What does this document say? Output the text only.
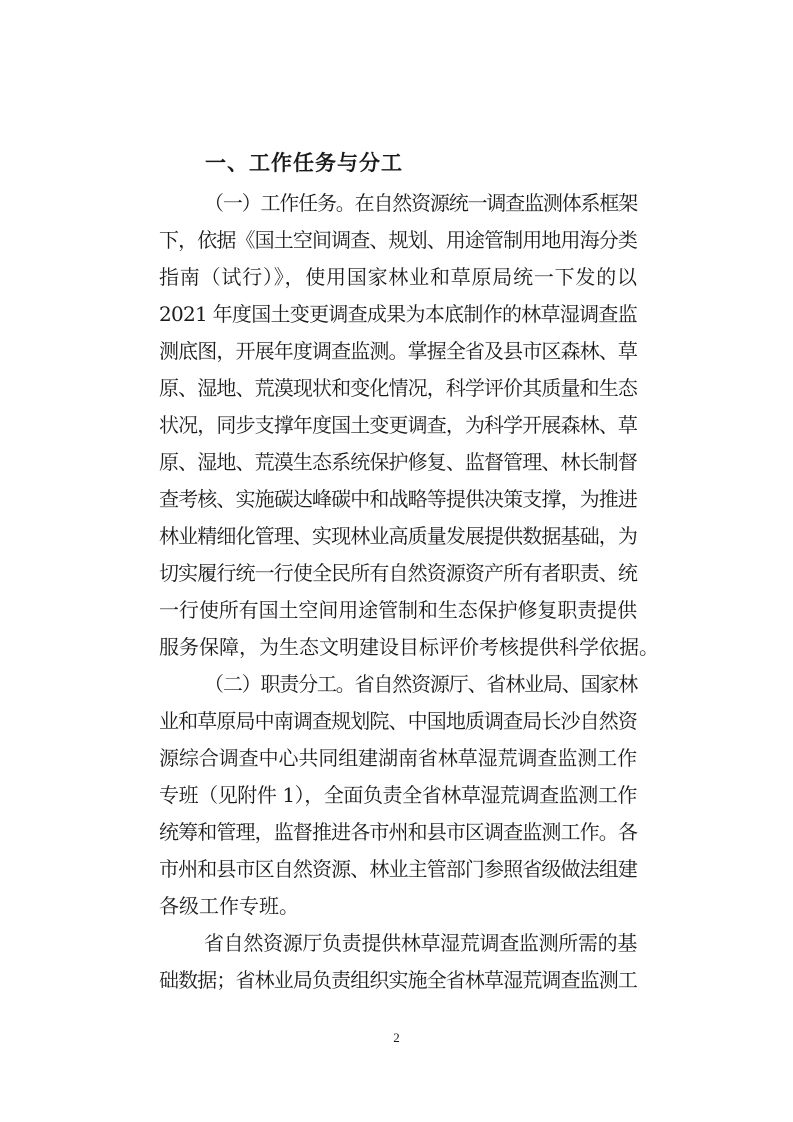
一、工作任务与分工
（一）工作任务。在自然资源统一调查监测体系框架
下，依据《国土空间调查、规划、用途管制用地用海分类
指南（试行）》，使用国家林业和草原局统一下发的以
2021 年度国土变更调查成果为本底制作的林草湿调查监
测底图，开展年度调查监测。掌握全省及县市区森林、草
原、湿地、荒漠现状和变化情况，科学评价其质量和生态
状况，同步支撑年度国土变更调查，为科学开展森林、草
原、湿地、荒漠生态系统保护修复、监督管理、林长制督
查考核、实施碳达峰碳中和战略等提供决策支撑，为推进
林业精细化管理、实现林业高质量发展提供数据基础，为
切实履行统一行使全民所有自然资源资产所有者职责、统
一行使所有国土空间用途管制和生态保护修复职责提供
服务保障，为生态文明建设目标评价考核提供科学依据。
（二）职责分工。省自然资源厅、省林业局、国家林
业和草原局中南调查规划院、中国地质调查局长沙自然资
源综合调查中心共同组建湖南省林草湿荒调查监测工作
专班（见附件 1），全面负责全省林草湿荒调查监测工作
统筹和管理，监督推进各市州和县市区调查监测工作。各
市州和县市区自然资源、林业主管部门参照省级做法组建
各级工作专班。
省自然资源厅负责提供林草湿荒调查监测所需的基
础数据；省林业局负责组织实施全省林草湿荒调查监测工
2
